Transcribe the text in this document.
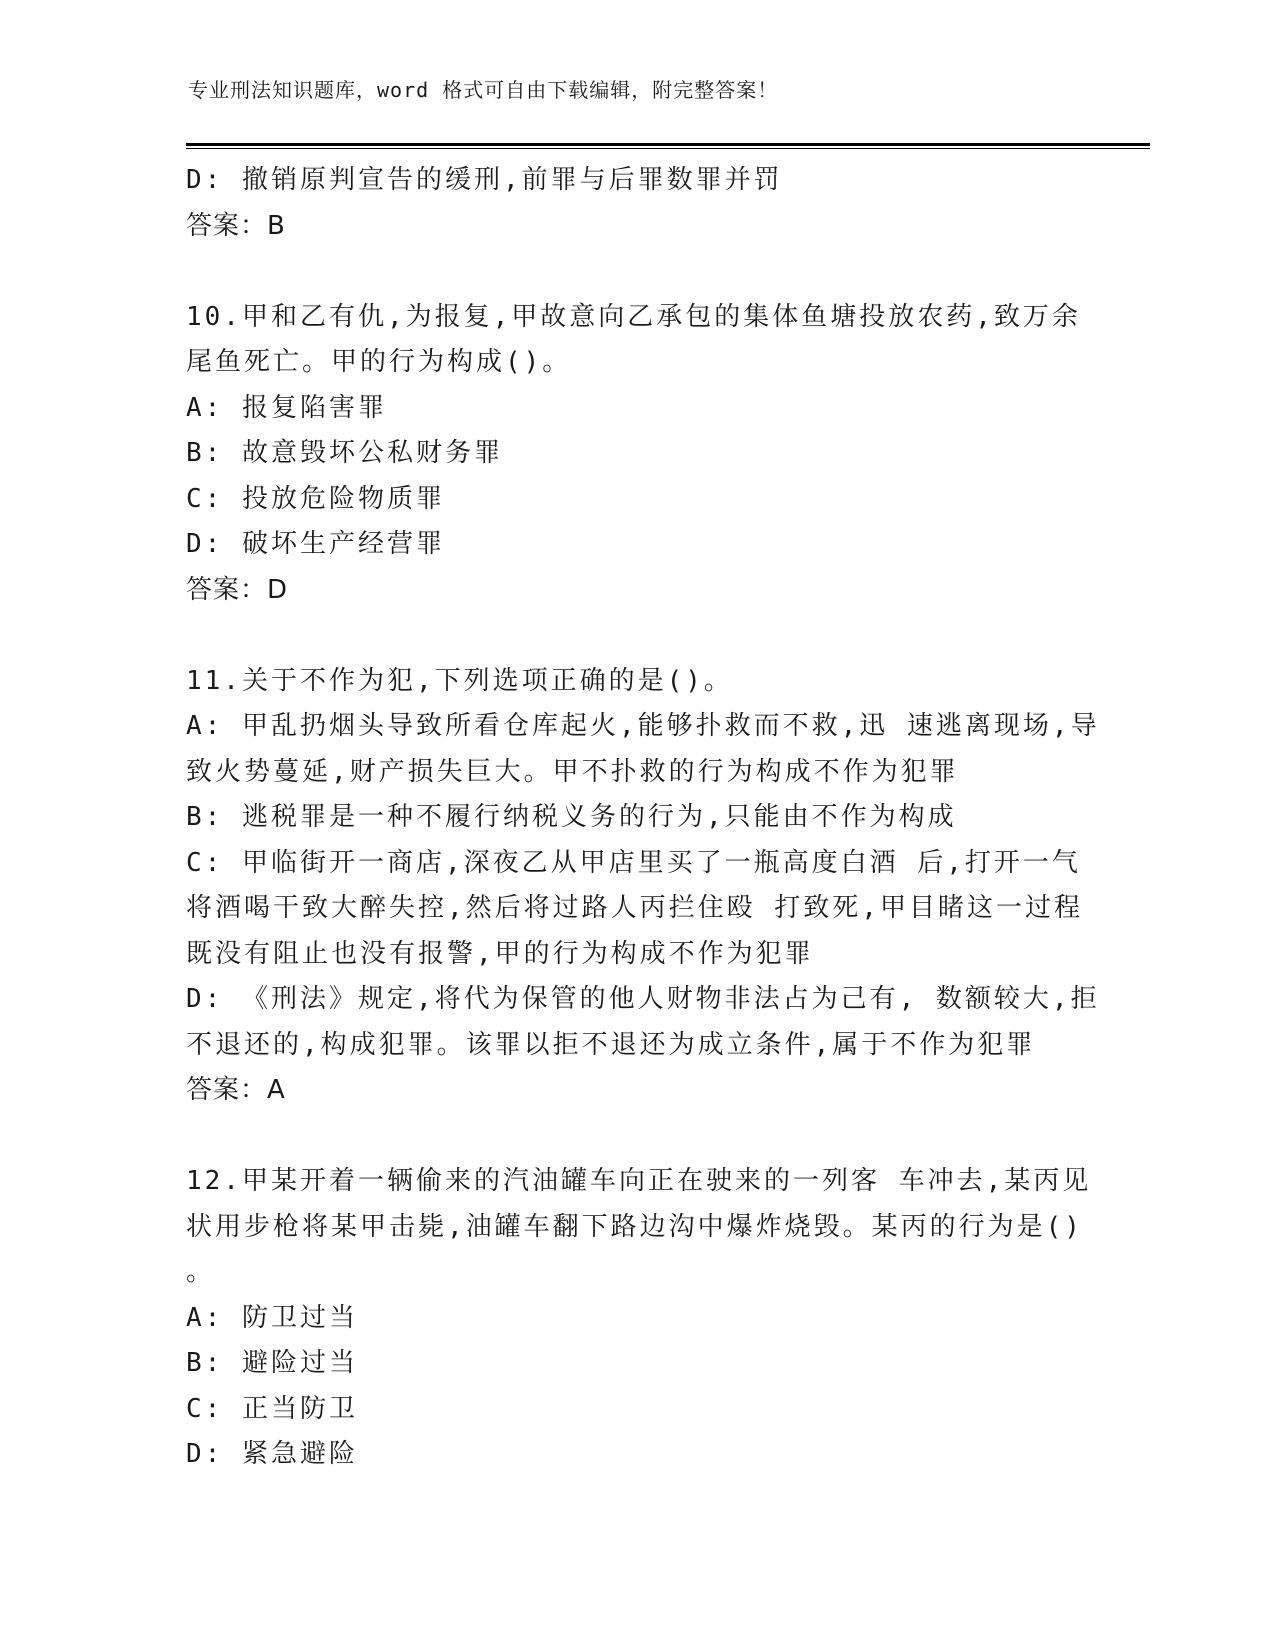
专业刑法知识题库，word 格式可自由下载编辑，附完整答案！
D: 撤销原判宣告的缓刑,前罪与后罪数罪并罚
答案：B
10.甲和乙有仇,为报复,甲故意向乙承包的集体鱼塘投放农药,致万余
尾鱼死亡。甲的行为构成()。
A: 报复陷害罪
B: 故意毁坏公私财务罪
C: 投放危险物质罪
D: 破坏生产经营罪
答案：D
11.关于不作为犯,下列选项正确的是()。
A: 甲乱扔烟头导致所看仓库起火,能够扑救而不救,迅 速逃离现场,导
致火势蔓延,财产损失巨大。甲不扑救的行为构成不作为犯罪
B: 逃税罪是一种不履行纳税义务的行为,只能由不作为构成
C: 甲临街开一商店,深夜乙从甲店里买了一瓶高度白酒 后,打开一气
将酒喝干致大醉失控,然后将过路人丙拦住殴 打致死,甲目睹这一过程
既没有阻止也没有报警,甲的行为构成不作为犯罪
D: 《刑法》规定,将代为保管的他人财物非法占为己有, 数额较大,拒
不退还的,构成犯罪。该罪以拒不退还为成立条件,属于不作为犯罪
答案：A
12.甲某开着一辆偷来的汽油罐车向正在驶来的一列客 车冲去,某丙见
状用步枪将某甲击毙,油罐车翻下路边沟中爆炸烧毁。某丙的行为是()
。
A: 防卫过当
B: 避险过当
C: 正当防卫
D: 紧急避险
